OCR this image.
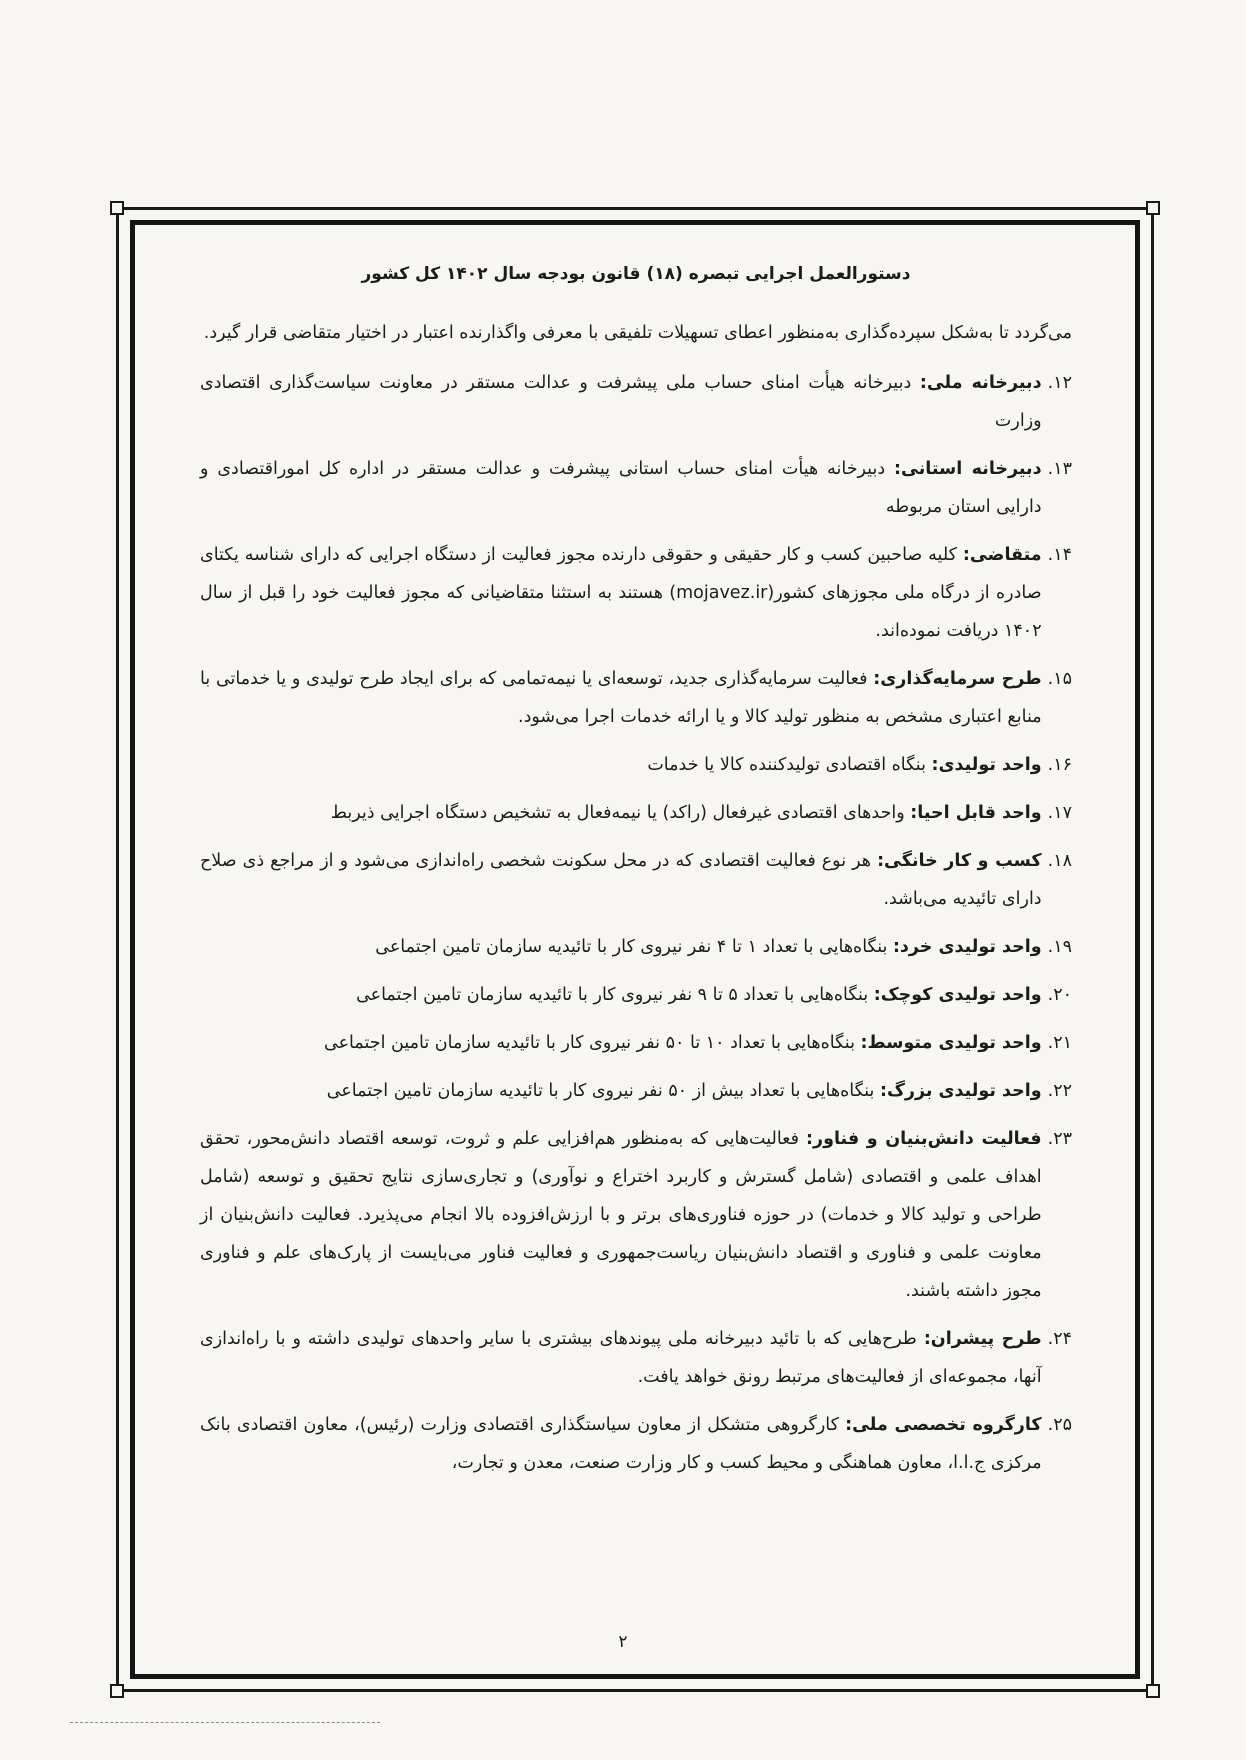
دستورالعمل اجرایی تبصره (۱۸) قانون بودجه سال ۱۴۰۲ کل کشور

می‌گردد تا به‌شکل سپرده‌گذاری به‌منظور اعطای تسهیلات تلفیقی با معرفی واگذارنده اعتبار در اختیار متقاضی قرار گیرد.

۱۲.
دبیرخانه ملی: دبیرخانه هیأت امنای حساب ملی پیشرفت و عدالت مستقر در معاونت سیاست‌گذاری اقتصادی وزارت
۱۳.
دبیرخانه استانی: دبیرخانه هیأت امنای حساب استانی پیشرفت و عدالت مستقر در اداره کل اموراقتصادی و دارایی استان مربوطه
۱۴.
متقاضی: کلیه صاحبین کسب و کار حقیقی و حقوقی دارنده مجوز فعالیت از دستگاه اجرایی که دارای شناسه یکتای صادره از درگاه ملی مجوزهای کشور(mojavez.ir) هستند به استثنا متقاضیانی که مجوز فعالیت خود را قبل از سال ۱۴۰۲ دریافت نموده‌اند.
۱۵.
طرح سرمایه‌گذاری: فعالیت سرمایه‌گذاری جدید، توسعه‌ای یا نیمه‌تمامی که برای ایجاد طرح تولیدی و یا خدماتی با منابع اعتباری مشخص به منظور تولید کالا و یا ارائه خدمات اجرا می‌شود.
۱۶.
واحد تولیدی: بنگاه اقتصادی تولیدکننده کالا یا خدمات
۱۷.
واحد قابل احیا: واحدهای اقتصادی غیرفعال (راکد) یا نیمه‌فعال به تشخیص دستگاه اجرایی ذیربط
۱۸.
کسب و کار خانگی: هر نوع فعالیت اقتصادی که در محل سکونت شخصی راه‌اندازی می‌شود و از مراجع ذی صلاح دارای تائیدیه می‌باشد.
۱۹.
واحد تولیدی خرد: بنگاه‌هایی با تعداد ۱ تا ۴ نفر نیروی کار با تائیدیه سازمان تامین اجتماعی
۲۰.
واحد تولیدی کوچک: بنگاه‌هایی با تعداد ۵ تا ۹ نفر نیروی کار با تائیدیه سازمان تامین اجتماعی
۲۱.
واحد تولیدی متوسط: بنگاه‌هایی با تعداد ۱۰ تا ۵۰ نفر نیروی کار با تائیدیه سازمان تامین اجتماعی
۲۲.
واحد تولیدی بزرگ: بنگاه‌هایی با تعداد بیش از ۵۰ نفر نیروی کار با تائیدیه سازمان تامین اجتماعی
۲۳.
فعالیت دانش‌بنیان و فناور: فعالیت‌هایی که به‌منظور هم‌افزایی علم و ثروت، توسعه اقتصاد دانش‌محور، تحقق اهداف علمی و اقتصادی (شامل گسترش و کاربرد اختراع و نوآوری) و تجاری‌سازی نتایج تحقیق و توسعه (شامل طراحی و تولید کالا و خدمات) در حوزه فناوری‌های برتر و با ارزش‌افزوده بالا انجام می‌پذیرد. فعالیت دانش‌بنیان از معاونت علمی و فناوری و اقتصاد دانش‌بنیان ریاست‌جمهوری و فعالیت فناور می‌بایست از پارک‌های علم و فناوری مجوز داشته باشند.
۲۴.
طرح پیشران: طرح‌هایی که با تائید دبیرخانه ملی پیوندهای بیشتری با سایر واحدهای تولیدی داشته و با راه‌اندازی آنها، مجموعه‌ای از فعالیت‌های مرتبط رونق خواهد یافت.
۲۵.
کارگروه تخصصی ملی: کارگروهی متشکل از معاون سیاستگذاری اقتصادی وزارت (رئیس)، معاون اقتصادی بانک مرکزی ج.ا.ا، معاون هماهنگی و محیط کسب و کار وزارت صنعت، معدن و تجارت،
۲
